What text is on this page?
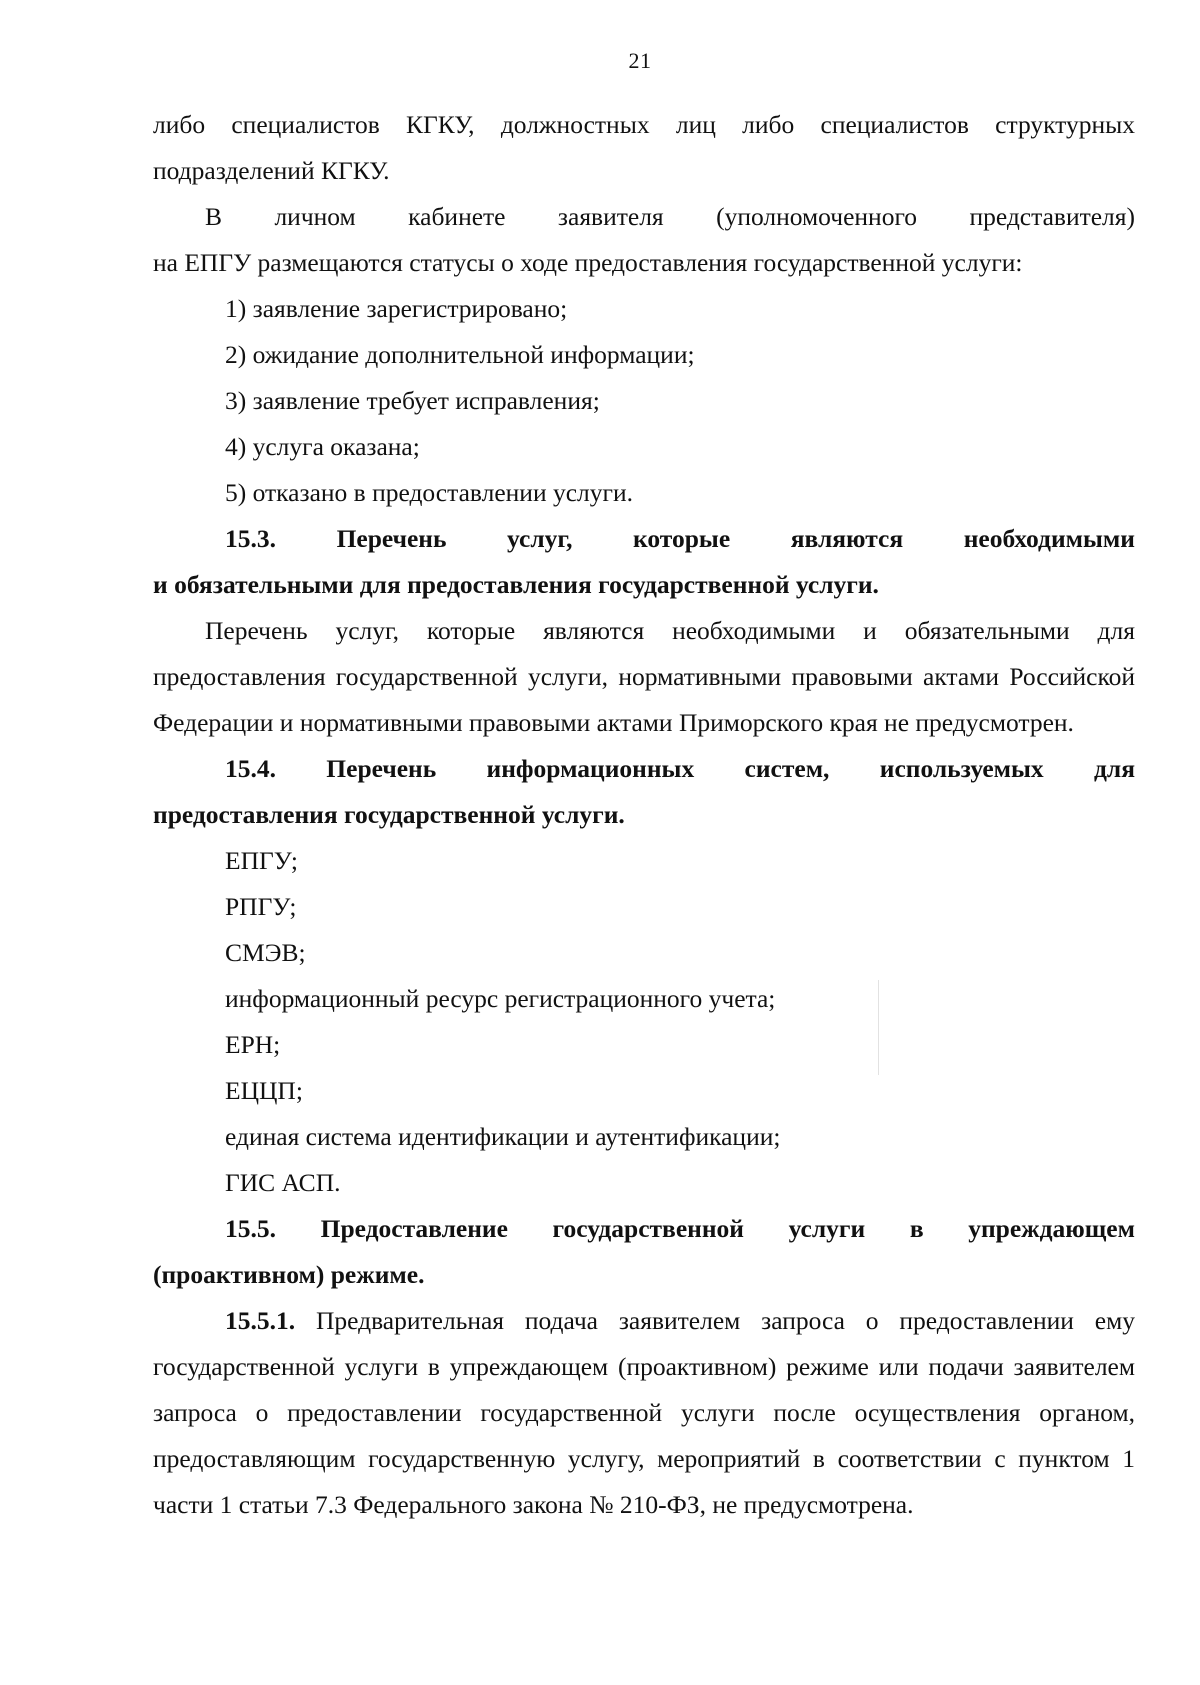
21

либо специалистов КГКУ, должностных лиц либо специалистов структурных подразделений КГКУ.

В личном кабинете заявителя (уполномоченного представителя)

на ЕПГУ размещаются статусы о ходе предоставления государственной услуги:

1) заявление зарегистрировано;

2) ожидание дополнительной информации;

3) заявление требует исправления;

4) услуга оказана;

5) отказано в предоставлении услуги.

15.3. Перечень услуг, которые являются необходимыми

и обязательными для предоставления государственной услуги.

Перечень услуг, которые являются необходимыми и обязательными для предоставления государственной услуги, нормативными правовыми актами Российской Федерации и нормативными правовыми актами Приморского края не предусмотрен.

15.4. Перечень информационных систем, используемых для

предоставления государственной услуги.

ЕПГУ;

РПГУ;

СМЭВ;

информационный ресурс регистрационного учета;

ЕРН;

ЕЦЦП;

единая система идентификации и аутентификации;

ГИС АСП.

15.5. Предоставление государственной услуги в упреждающем

(проактивном) режиме.

15.5.1. Предварительная подача заявителем запроса о предоставлении ему государственной услуги в упреждающем (проактивном) режиме или подачи заявителем запроса о предоставлении государственной услуги после осуществления органом, предоставляющим государственную услугу, мероприятий в соответствии с пунктом 1 части 1 статьи 7.3 Федерального закона № 210-ФЗ, не предусмотрена.
